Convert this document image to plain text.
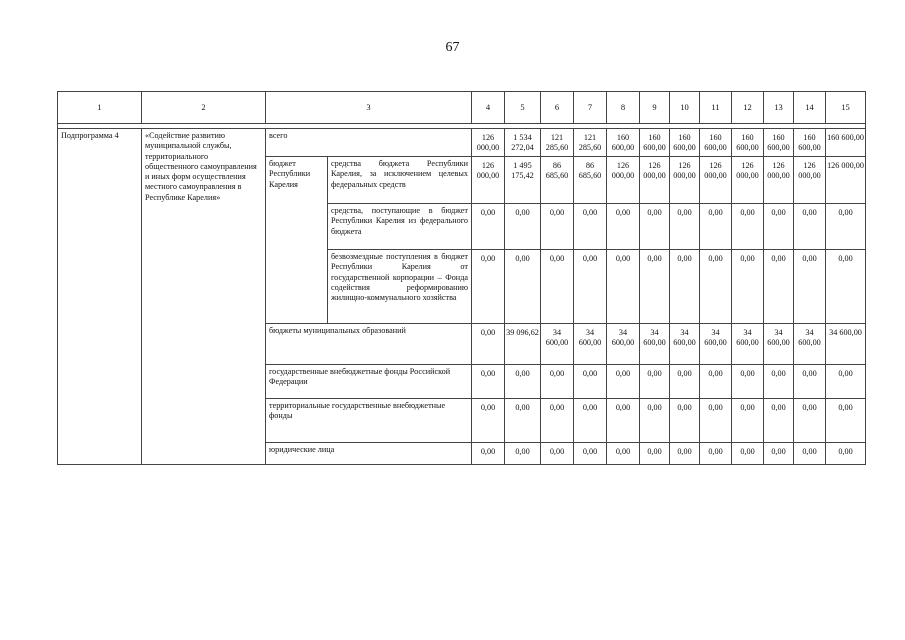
67
1	2	3		4	5	6	7	8	9	10	11	12	13	14	15

Подпрограмма 4	«Содействие развитию муниципальной службы, территориального общественного самоуправления и иных форм осуществления местного самоуправления в Республике Карелия»	всего		126 000,00	1 534 272,04	121 285,60	121 285,60	160 600,00	160 600,00	160 600,00	160 600,00	160 600,00	160 600,00	160 600,00	160 600,00
		бюджет Республики Карелия	средства бюджета Республики Карелия, за исключением целевых федеральных средств	126 000,00	1 495 175,42	86 685,60	86 685,60	126 000,00	126 000,00	126 000,00	126 000,00	126 000,00	126 000,00	126 000,00	126 000,00
			средства, поступающие в бюджет Республики Карелия из федерального бюджета	0,00	0,00	0,00	0,00	0,00	0,00	0,00	0,00	0,00	0,00	0,00	0,00
			безвозмездные поступления в бюджет Республики Карелия от государственной корпорации – Фонда содействия реформированию жилищно-коммунального хозяйства	0,00	0,00	0,00	0,00	0,00	0,00	0,00	0,00	0,00	0,00	0,00	0,00
		бюджеты муниципальных образований		0,00	39 096,62	34 600,00	34 600,00	34 600,00	34 600,00	34 600,00	34 600,00	34 600,00	34 600,00	34 600,00	34 600,00
		государственные внебюджетные фонды Российской Федерации		0,00	0,00	0,00	0,00	0,00	0,00	0,00	0,00	0,00	0,00	0,00	0,00
		территориальные государственные внебюджетные фонды		0,00	0,00	0,00	0,00	0,00	0,00	0,00	0,00	0,00	0,00	0,00	0,00
		юридические лица		0,00	0,00	0,00	0,00	0,00	0,00	0,00	0,00	0,00	0,00	0,00	0,00
